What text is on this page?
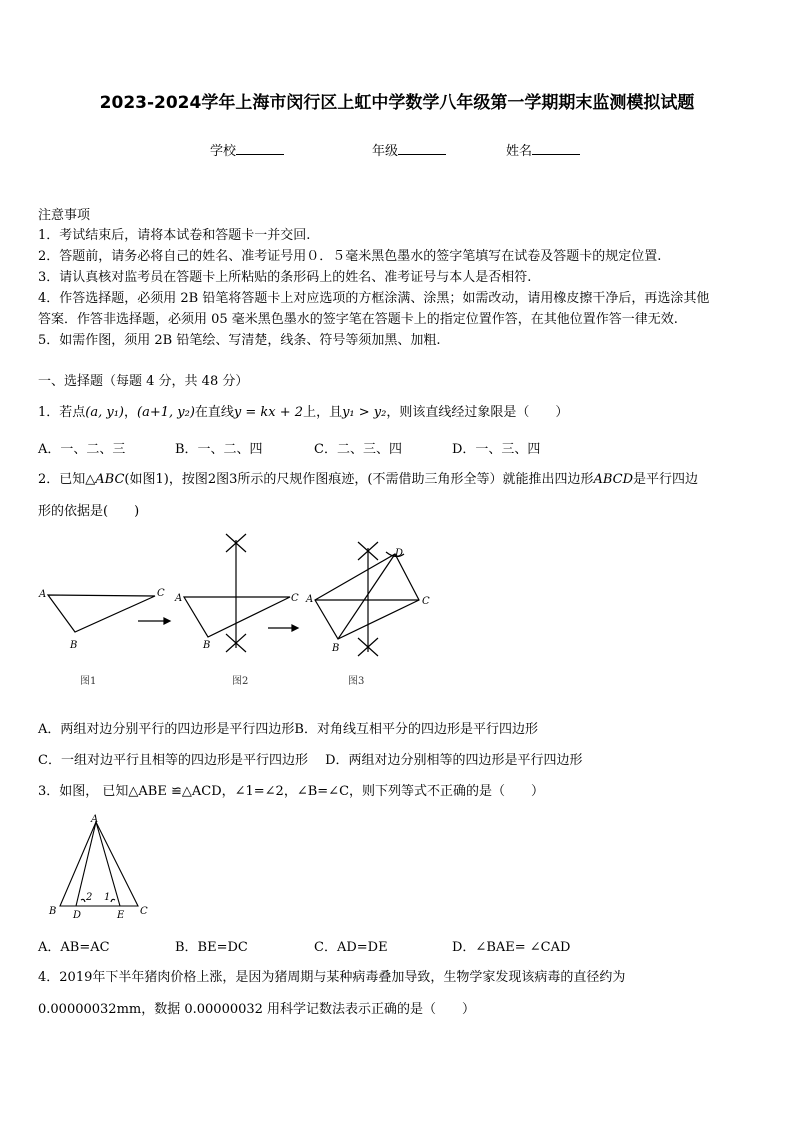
2023-2024学年上海市闵行区上虹中学数学八年级第一学期期末监测模拟试题
学校	年级	姓名
注意事项
1．考试结束后，请将本试卷和答题卡一并交回.
2．答题前，请务必将自己的姓名、准考证号用０．５毫米黑色墨水的签字笔填写在试卷及答题卡的规定位置.
3．请认真核对监考员在答题卡上所粘贴的条形码上的姓名、准考证号与本人是否相符.
4．作答选择题，必须用 2B 铅笔将答题卡上对应选项的方框涂满、涂黑；如需改动，请用橡皮擦干净后，再选涂其他
答案．作答非选择题，必须用 05 毫米黑色墨水的签字笔在答题卡上的指定位置作答，在其他位置作答一律无效.
5．如需作图，须用 2B 铅笔绘、写清楚，线条、符号等须加黑、加粗.
一、选择题（每题 4 分，共 48 分）
1．若点(a, y₁)，(a+1, y₂)在直线y = kx + 2上，且y₁ > y₂，则该直线经过象限是（　　）
A．一、二、三	B．一、二、四	C．二、三、四	D．一、三、四
2．已知△ABC(如图1)，按图2图3所示的尺规作图痕迹，(不需借助三角形全等）就能推出四边形ABCD是平行四边
形的依据是(　　)
A	C
B
A	C
B
A	C
B
D
图1	图2	图3
A．两组对边分别平行的四边形是平行四边形B．对角线互相平分的四边形是平行四边形
C．一组对边平行且相等的四边形是平行四边形　 D．两组对边分别相等的四边形是平行四边形
3．如图， 已知△ABE ≌△ACD，∠1=∠2，∠B=∠C，则下列等式不正确的是（　　）
A
B D	E C
2 1
A．AB=AC	B．BE=DC	C．AD=DE	D．∠BAE= ∠CAD
4．2019年下半年猪肉价格上涨，是因为猪周期与某种病毒叠加导致，生物学家发现该病毒的直径约为
0.00000032mm，数据 0.00000032 用科学记数法表示正确的是（　　）
